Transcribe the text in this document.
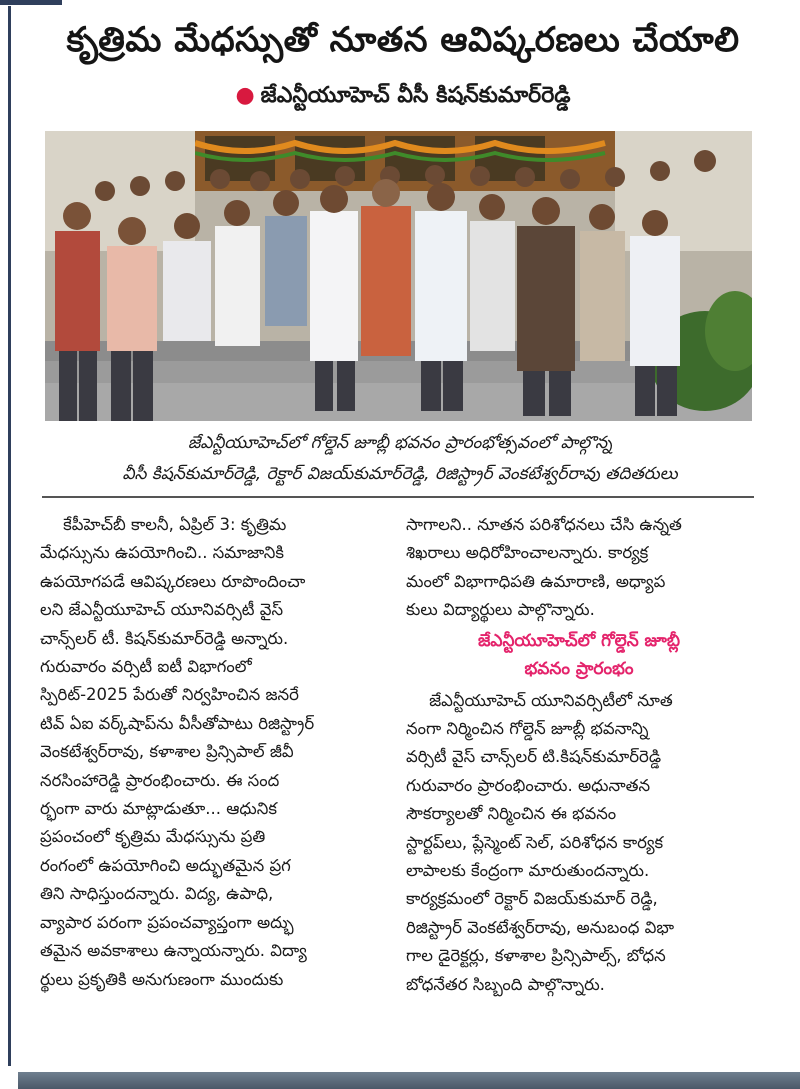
కృత్రిమ మేధస్సుతో నూతన ఆవిష్కరణలు చేయాలి
● జేఎన్టీయూహెచ్ వీసీ కిషన్‌కుమార్‌రెడ్డి
జేఎన్టీయూహెచ్‌లో గోల్డెన్ జూబ్లీ భవనం ప్రారంభోత్సవంలో పాల్గొన్న
వీసీ కిషన్‌కుమార్‌రెడ్డి, రెక్టార్ విజయ్‌కుమార్‌రెడ్డి, రిజిస్ట్రార్ వెంకటేశ్వర్‌రావు తదితరులు
కేపీహెచ్‌బీ కాలనీ, ఏప్రిల్ 3: కృత్రిమ
మేధస్సును ఉపయోగించి.. సమాజానికి
ఉపయోగపడే ఆవిష్కరణలు రూపొందించా
లని జేఎన్టీయూహెచ్ యూనివర్సిటీ వైస్
చాన్స్‌లర్ టీ. కిషన్‌కుమార్‌రెడ్డి అన్నారు.
గురువారం వర్సిటీ ఐటీ విభాగంలో
స్పిరిట్-2025 పేరుతో నిర్వహించిన జనరే
టివ్ ఏఐ వర్క్‌షాప్‌ను వీసీతోపాటు రిజిస్ట్రార్
వెంకటేశ్వర్‌రావు, కళాశాల ప్రిన్సిపాల్ జీవీ
నరసింహారెడ్డి ప్రారంభించారు. ఈ సంద
ర్భంగా వారు మాట్లాడుతూ... ఆధునిక
ప్రపంచంలో కృత్రిమ మేధస్సును ప్రతి
రంగంలో ఉపయోగించి అద్భుతమైన ప్రగ
తిని సాధిస్తుందన్నారు. విద్య, ఉపాధి,
వ్యాపార పరంగా ప్రపంచవ్యాప్తంగా అద్భు
తమైన అవకాశాలు ఉన్నాయన్నారు. విద్యా
ర్థులు ప్రకృతికి అనుగుణంగా ముందుకు
సాగాలని.. నూతన పరిశోధనలు చేసి ఉన్నత
శిఖరాలు అధిరోహించాలన్నారు. కార్యక్ర
మంలో విభాగాధిపతి ఉమారాణి, అధ్యాప
కులు విద్యార్థులు పాల్గొన్నారు.
జేఎన్టీయూహెచ్‌లో గోల్డెన్ జూబ్లీ
భవనం ప్రారంభం
జేఎన్టీయూహెచ్ యూనివర్సిటీలో నూత
నంగా నిర్మించిన గోల్డెన్ జూబ్లీ భవనాన్ని
వర్సిటీ వైస్ చాన్స్‌లర్ టి.కిషన్‌కుమార్‌రెడ్డి
గురువారం ప్రారంభించారు. అధునాతన
సౌకర్యాలతో నిర్మించిన ఈ భవనం
స్టార్టప్‌లు, ప్లేస్మెంట్ సెల్, పరిశోధన కార్యక
లాపాలకు కేంద్రంగా మారుతుందన్నారు.
కార్యక్రమంలో రెక్టార్ విజయ్‌కుమార్ రెడ్డి,
రిజిస్ట్రార్ వెంకటేశ్వర్‌రావు, అనుబంధ విభా
గాల డైరెక్టర్లు, కళాశాల ప్రిన్సిపాల్స్, బోధన
బోధనేతర సిబ్బంది పాల్గొన్నారు.
